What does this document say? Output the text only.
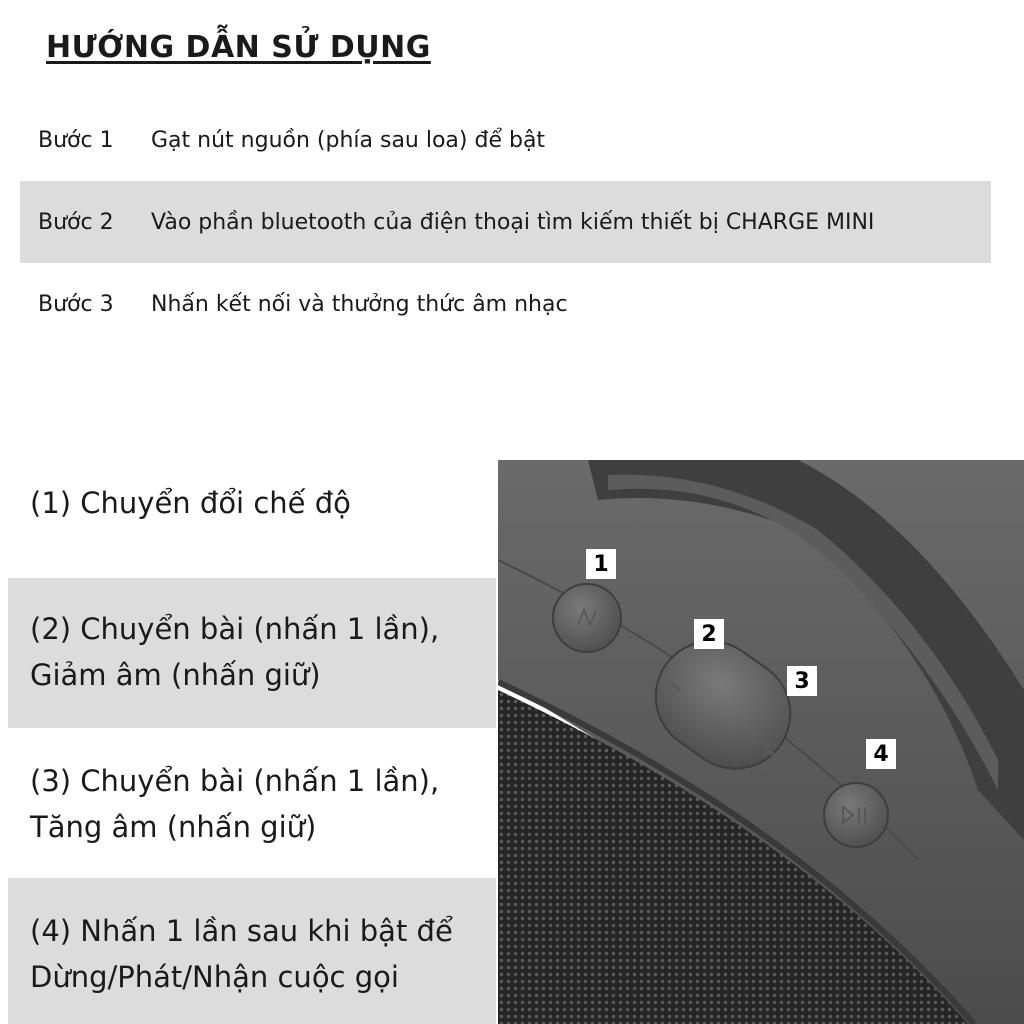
HƯỚNG DẪN SỬ DỤNG
Bước 1 Gạt nút nguồn (phía sau loa) để bật
Bước 2 Vào phần bluetooth của điện thoại tìm kiếm thiết bị CHARGE MINI
Bước 3 Nhấn kết nối và thưởng thức âm nhạc
(1) Chuyển đổi chế độ
(2) Chuyển bài (nhấn 1 lần),
Giảm âm (nhấn giữ)
(3) Chuyển bài (nhấn 1 lần),
Tăng âm (nhấn giữ)
(4) Nhấn 1 lần sau khi bật để
Dừng/Phát/Nhận cuộc gọi
1
2
3
4
